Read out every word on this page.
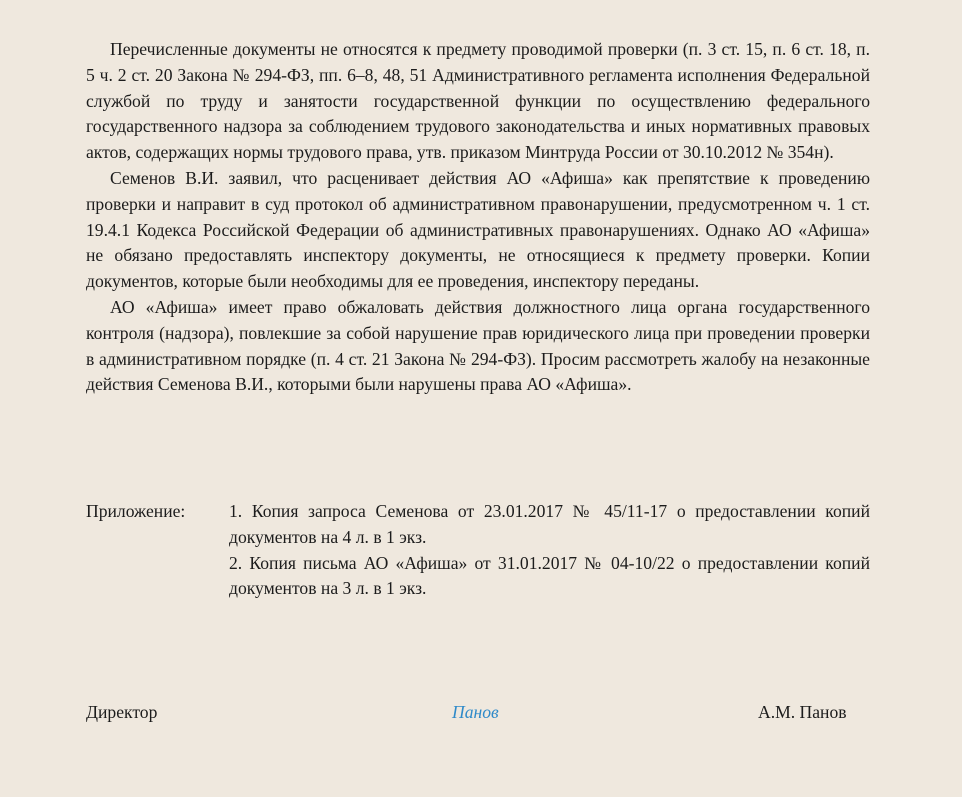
Перечисленные документы не относятся к предмету проводимой проверки (п. 3 ст. 15, п. 6 ст. 18, п. 5 ч. 2 ст. 20 Закона № 294-ФЗ, пп. 6–8, 48, 51 Административного регламента исполнения Федеральной службой по труду и занятости государственной функции по осуществлению федерального государственного надзора за соблюдением трудового законодательства и иных нормативных правовых актов, содержащих нормы трудового права, утв. приказом Минтруда России от 30.10.2012 № 354н).

Семенов В.И. заявил, что расценивает действия АО «Афиша» как препятствие к проведению проверки и направит в суд протокол об административном правонарушении, предусмотренном ч. 1 ст. 19.4.1 Кодекса Российской Федерации об административных правонарушениях. Однако АО «Афиша» не обязано предоставлять инспектору документы, не относящиеся к предмету проверки. Копии документов, которые были необходимы для ее проведения, инспектору переданы.

АО «Афиша» имеет право обжаловать действия должностного лица органа государственного контроля (надзора), повлекшие за собой нарушение прав юридического лица при проведении проверки в административном порядке (п. 4 ст. 21 Закона № 294-ФЗ). Просим рассмотреть жалобу на незаконные действия Семенова В.И., которыми были нарушены права АО «Афиша».

Приложение: 1. Копия запроса Семенова от 23.01.2017 № 45/11-17 о предоставлении копий документов на 4 л. в 1 экз.

2. Копия письма АО «Афиша» от 31.01.2017 № 04-10/22 о предоставлении копий документов на 3 л. в 1 экз.

Директор	Панов	А.М. Панов
